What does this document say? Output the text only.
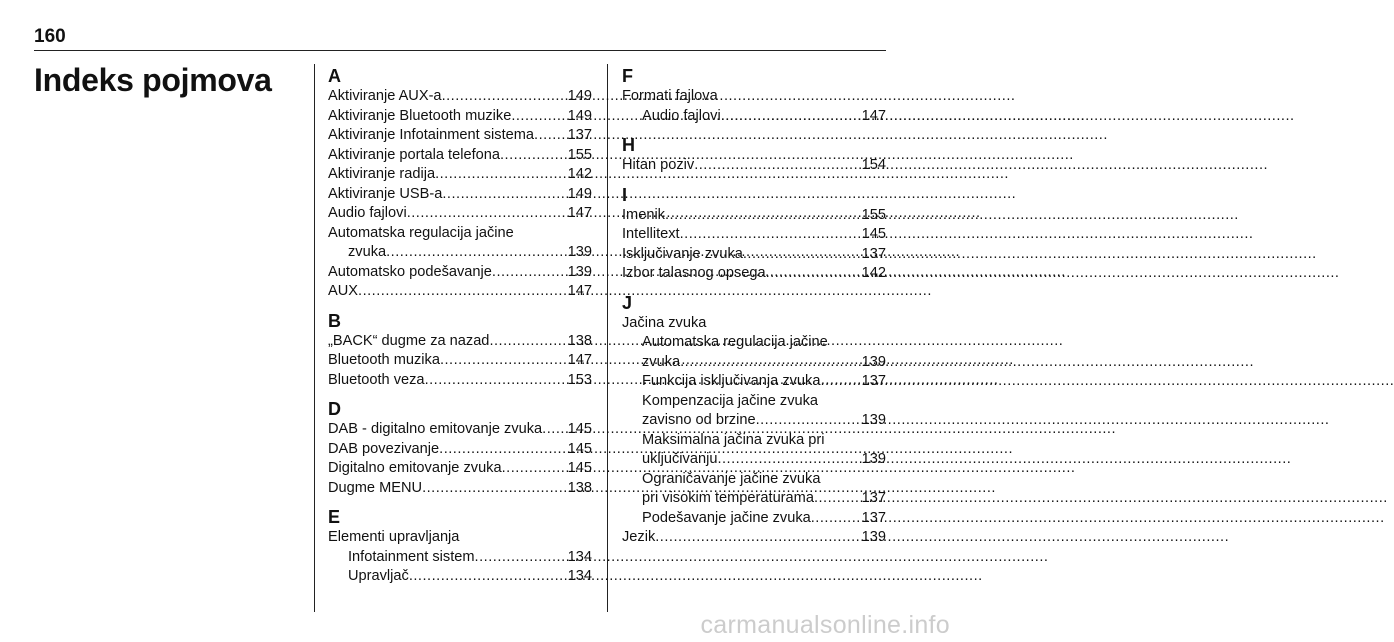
160
Indeks pojmova	A
Aktiviranje AUX-a .....	149
Aktiviranje Bluetooth muzike .....	149
Aktiviranje Infotainment sistema ..... 137
Aktiviranje portala telefona .....	155
Aktiviranje radija .....	142
Aktiviranje USB-a .....	149
Audio fajlovi .....	147
Automatska regulacija jačine
zvuka .....	139
Automatsko podešavanje .....	139
AUX .....	147
B
„BACK“ dugme za nazad .....	138
Bluetooth muzika .....	147
Bluetooth veza .....	153
D
DAB - digitalno emitovanje zvuka ..... 145
DAB povezivanje .....	145
Digitalno emitovanje zvuka .....	145
Dugme MENU .....	138
E
Elementi upravljanja
Infotainment sistem .....	134
Upravljač .....	134
F
Formati fajlova
Audio fajlovi .....	147
H
Hitan poziv .....	154
I
Imenik .....	155
Intellitext .....	145
Isključivanje zvuka .....	137
Izbor talasnog opsega .....	142
J
Jačina zvuka
Automatska regulacija jačine
zvuka .....	139
Funkcija isključivanja zvuka .....	137
Kompenzacija jačine zvuka
zavisno od brzine .....	139
Maksimalna jačina zvuka pri
uključivanju .....	139
Ograničavanje jačine zvuka
pri visokim temperaturama .....	137
Podešavanje jačine zvuka .....	137
Jezik .....	139
carmanualsonline.info
